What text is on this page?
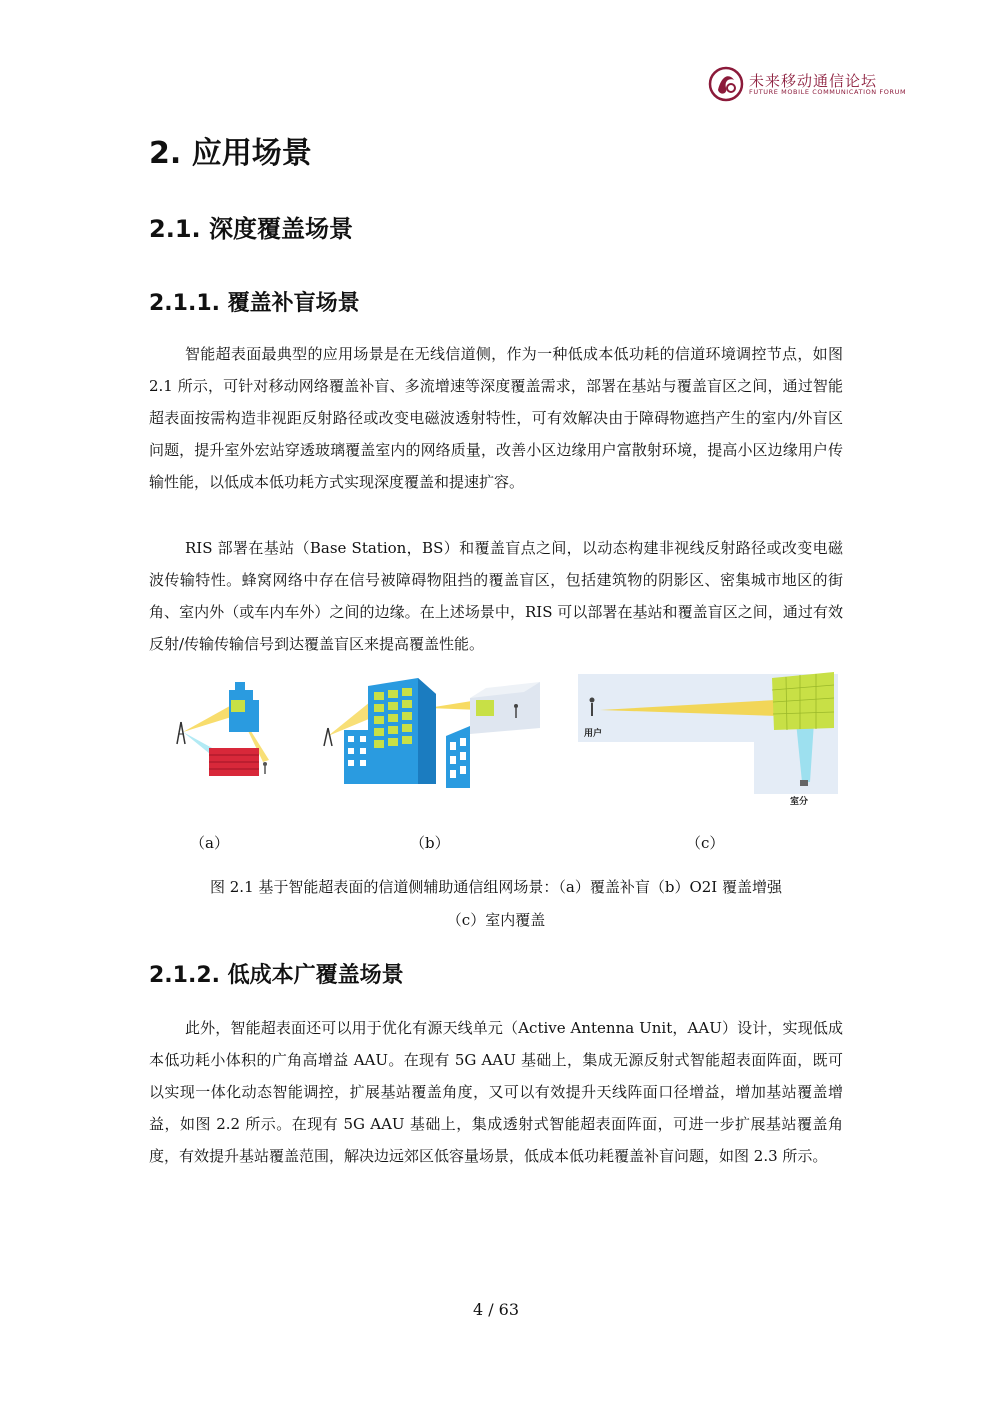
未来移动通信论坛
FUTURE MOBILE COMMUNICATION FORUM
2. 应用场景
2.1. 深度覆盖场景
2.1.1. 覆盖补盲场景

智能超表面最典型的应用场景是在无线信道侧，作为一种低成本低功耗的信道环境调控节点，如图 2.1 所示，可针对移动网络覆盖补盲、多流增速等深度覆盖需求，部署在基站与覆盖盲区之间，通过智能超表面按需构造非视距反射路径或改变电磁波透射特性，可有效解决由于障碍物遮挡产生的室内/外盲区问题，提升室外宏站穿透玻璃覆盖室内的网络质量，改善小区边缘用户富散射环境，提高小区边缘用户传输性能，以低成本低功耗方式实现深度覆盖和提速扩容。

RIS 部署在基站（Base Station，BS）和覆盖盲点之间，以动态构建非视线反射路径或改变电磁波传输特性。蜂窝网络中存在信号被障碍物阻挡的覆盖盲区，包括建筑物的阴影区、密集城市地区的街角、室内外（或车内车外）之间的边缘。在上述场景中，RIS 可以部署在基站和覆盖盲区之间，通过有效反射/传输传输信号到达覆盖盲区来提高覆盖性能。

用户
室分
（a）	（b）	（c）
图 2.1 基于智能超表面的信道侧辅助通信组网场景：（a）覆盖补盲（b）O2I 覆盖增强
（c）室内覆盖
2.1.2. 低成本广覆盖场景

此外，智能超表面还可以用于优化有源天线单元（Active Antenna Unit，AAU）设计，实现低成本低功耗小体积的广角高增益 AAU。在现有 5G AAU 基础上，集成无源反射式智能超表面阵面，既可以实现一体化动态智能调控，扩展基站覆盖角度，又可以有效提升天线阵面口径增益，增加基站覆盖增益，如图 2.2 所示。在现有 5G AAU 基础上，集成透射式智能超表面阵面，可进一步扩展基站覆盖角度，有效提升基站覆盖范围，解决边远郊区低容量场景，低成本低功耗覆盖补盲问题，如图 2.3 所示。

4 / 63
